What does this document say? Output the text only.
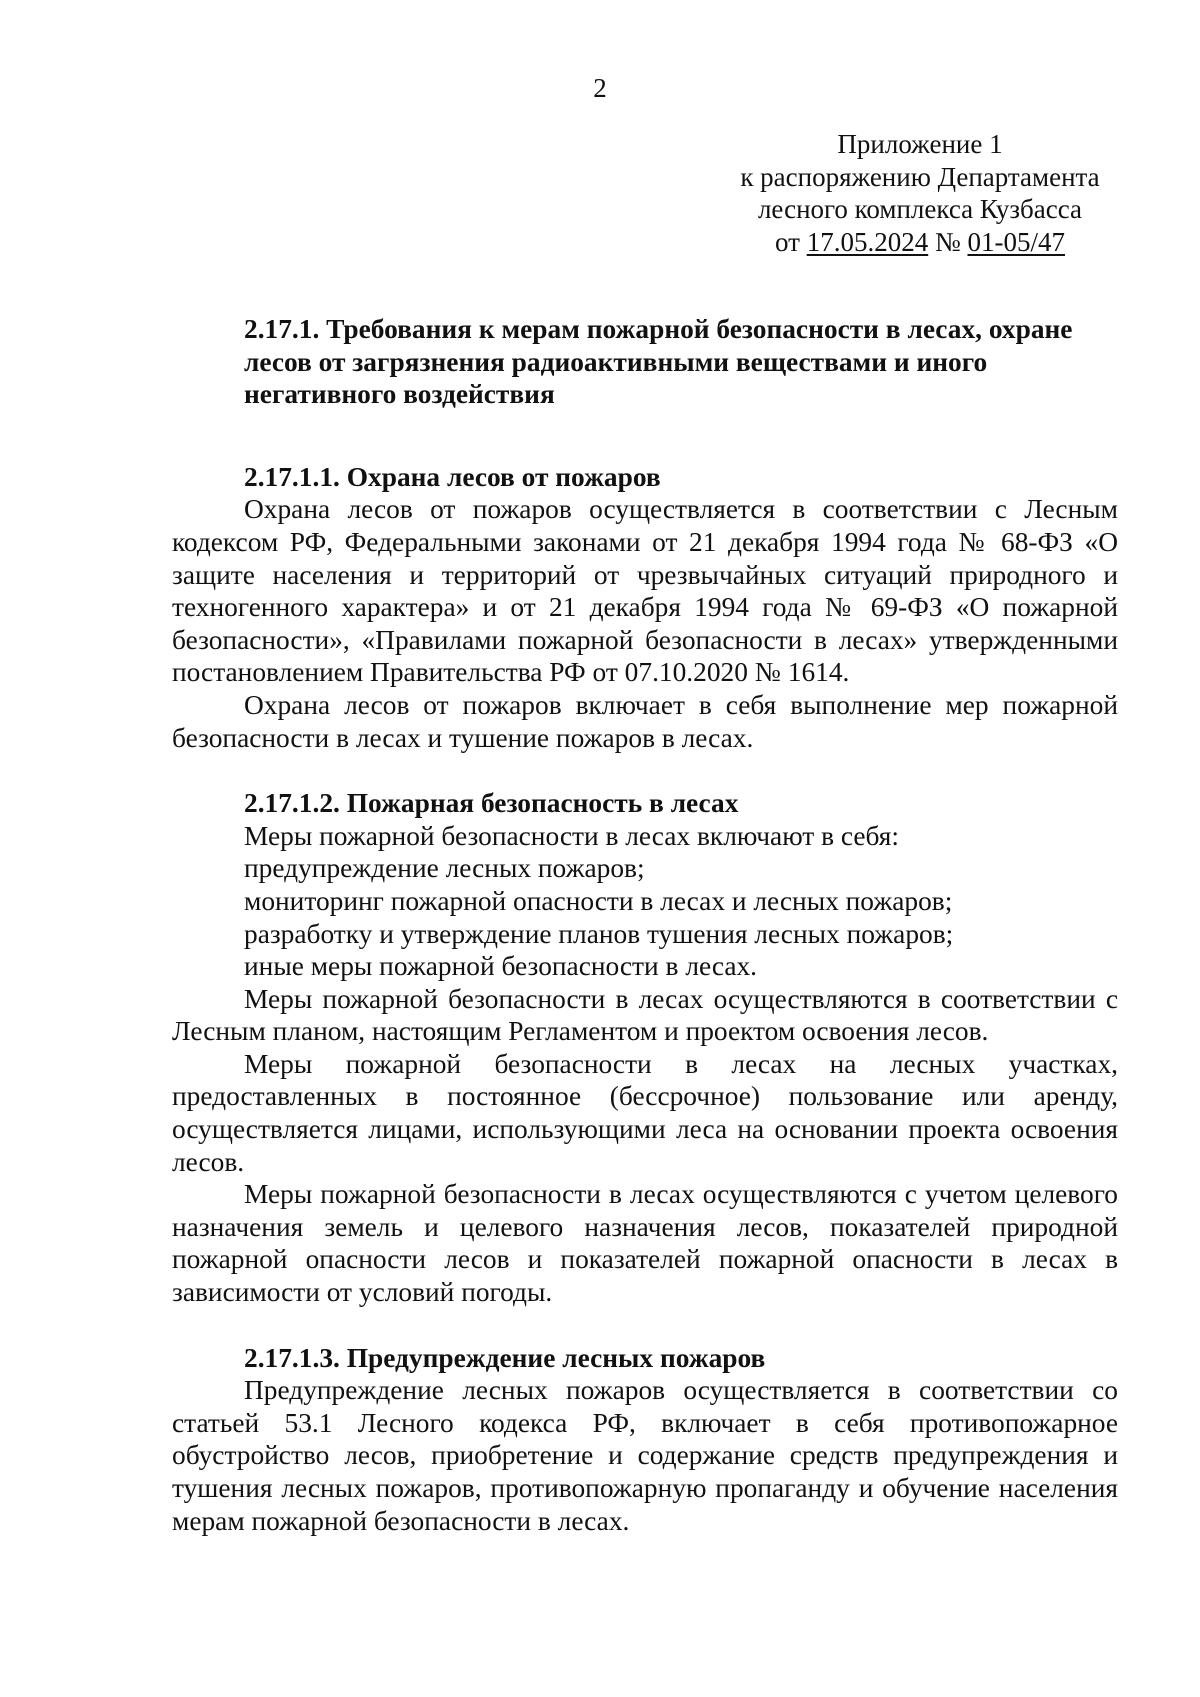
2
Приложение 1
к распоряжению Департамента
лесного комплекса Кузбасса
от 17.05.2024 № 01-05/47

2.17.1. Требования к мерам пожарной безопасности в лесах, охране лесов от загрязнения радиоактивными веществами и иного негативного воздействия

2.17.1.1. Охрана лесов от пожаров

Охрана лесов от пожаров осуществляется в соответствии с Лесным кодексом РФ, Федеральными законами от 21 декабря 1994 года № 68-ФЗ «О защите населения и территорий от чрезвычайных ситуаций природного и техногенного характера» и от 21 декабря 1994 года № 69-ФЗ «О пожарной безопасности», «Правилами пожарной безопасности в лесах» утвержденными постановлением Правительства РФ от 07.10.2020 № 1614.

Охрана лесов от пожаров включает в себя выполнение мер пожарной безопасности в лесах и тушение пожаров в лесах.

2.17.1.2. Пожарная безопасность в лесах

Меры пожарной безопасности в лесах включают в себя:

предупреждение лесных пожаров;

мониторинг пожарной опасности в лесах и лесных пожаров;

разработку и утверждение планов тушения лесных пожаров;

иные меры пожарной безопасности в лесах.

Меры пожарной безопасности в лесах осуществляются в соответствии с Лесным планом, настоящим Регламентом и проектом освоения лесов.

Меры пожарной безопасности в лесах на лесных участках, предоставленных в постоянное (бессрочное) пользование или аренду, осуществляется лицами, использующими леса на основании проекта освоения лесов.

Меры пожарной безопасности в лесах осуществляются с учетом целевого назначения земель и целевого назначения лесов, показателей природной пожарной опасности лесов и показателей пожарной опасности в лесах в зависимости от условий погоды.

2.17.1.3. Предупреждение лесных пожаров

Предупреждение лесных пожаров осуществляется в соответствии со статьей 53.1 Лесного кодекса РФ, включает в себя противопожарное обустройство лесов, приобретение и содержание средств предупреждения и тушения лесных пожаров, противопожарную пропаганду и обучение населения мерам пожарной безопасности в лесах.
